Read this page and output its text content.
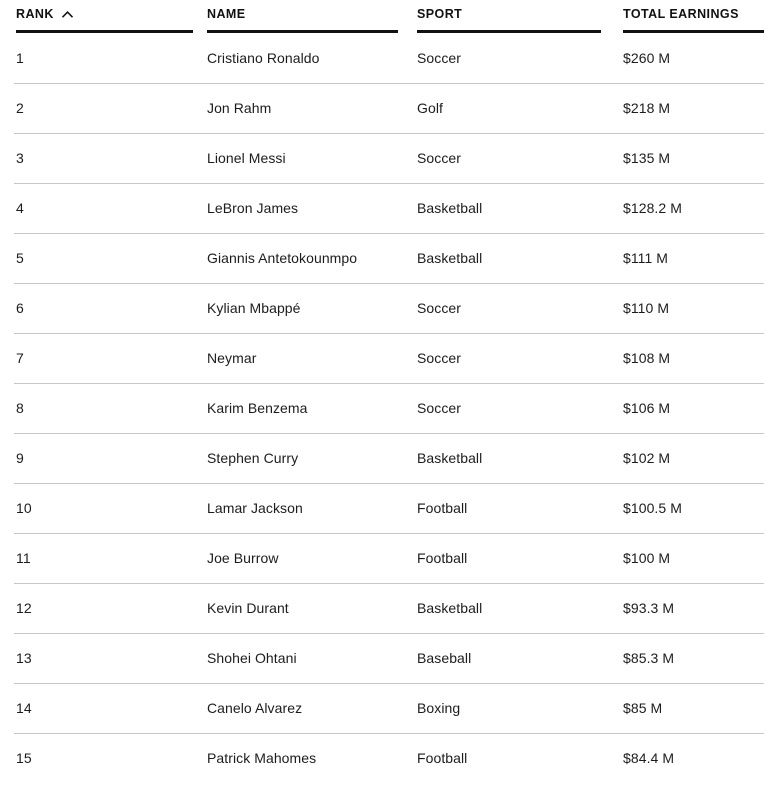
RANK	NAME	SPORT	TOTAL EARNINGS
1	Cristiano Ronaldo	Soccer	$260 M
2	Jon Rahm	Golf	$218 M
3	Lionel Messi	Soccer	$135 M
4	LeBron James	Basketball	$128.2 M
5	Giannis Antetokounmpo	Basketball	$111 M
6	Kylian Mbappé	Soccer	$110 M
7	Neymar	Soccer	$108 M
8	Karim Benzema	Soccer	$106 M
9	Stephen Curry	Basketball	$102 M
10	Lamar Jackson	Football	$100.5 M
11	Joe Burrow	Football	$100 M
12	Kevin Durant	Basketball	$93.3 M
13	Shohei Ohtani	Baseball	$85.3 M
14	Canelo Alvarez	Boxing	$85 M
15	Patrick Mahomes	Football	$84.4 M
